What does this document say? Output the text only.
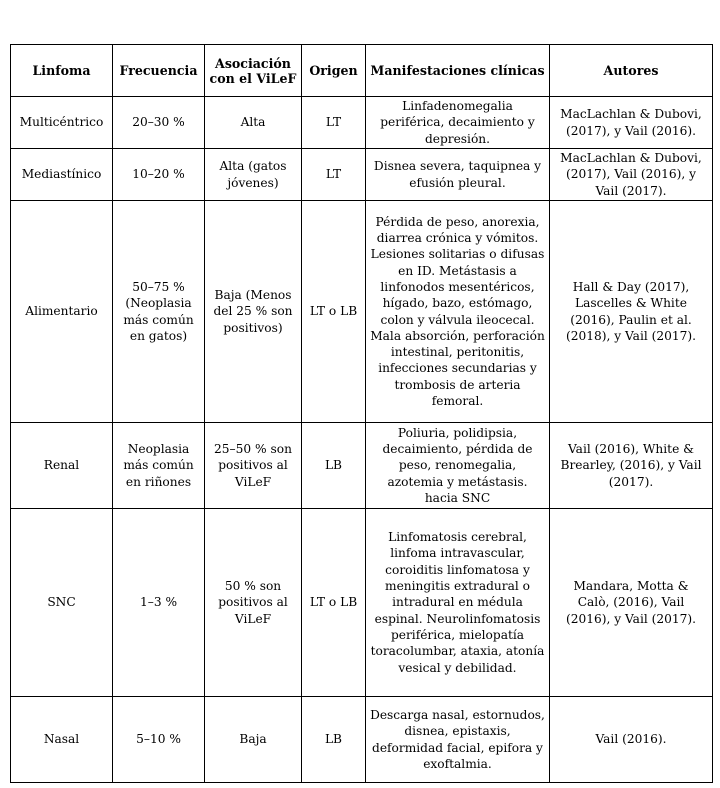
Linfoma	Frecuencia	Asociación con el ViLeF	Origen	Manifestaciones clínicas	Autores
Multicéntrico	20–30 %	Alta	LT	Linfadenomegalia periférica, decaimiento y depresión.	MacLachlan & Dubovi, (2017), y Vail (2016).
Mediastínico	10–20 %	Alta (gatos jóvenes)	LT	Disnea severa, taquipnea y efusión pleural.	MacLachlan & Dubovi, (2017), Vail (2016), y Vail (2017).
Alimentario	50–75 % (Neoplasia más común en gatos)	Baja (Menos del 25 % son positivos)	LT o LB	Pérdida de peso, anorexia, diarrea crónica y vómitos. Lesiones solitarias o difusas en ID. Metástasis a linfonodos mesentéricos, hígado, bazo, estómago, colon y válvula ileocecal. Mala absorción, perforación intestinal, peritonitis, infecciones secundarias y trombosis de arteria femoral.	Hall & Day (2017), Lascelles & White (2016), Paulin et al. (2018), y Vail (2017).
Renal	Neoplasia más común en riñones	25–50 % son positivos al ViLeF	LB	Poliuria, polidipsia, decaimiento, pérdida de peso, renomegalia, azotemia y metástasis. hacia SNC	Vail (2016), White & Brearley, (2016), y Vail (2017).
SNC	1–3 %	50 % son positivos al ViLeF	LT o LB	Linfomatosis cerebral, linfoma intravascular, coroiditis linfomatosa y meningitis extradural o intradural en médula espinal. Neurolinfomatosis periférica, mielopatía toracolumbar, ataxia, atonía vesical y debilidad.	Mandara, Motta & Calò, (2016), Vail (2016), y Vail (2017).
Nasal	5–10 %	Baja	LB	Descarga nasal, estornudos, disnea, epistaxis, deformidad facial, epifora y exoftalmia.	Vail (2016).
